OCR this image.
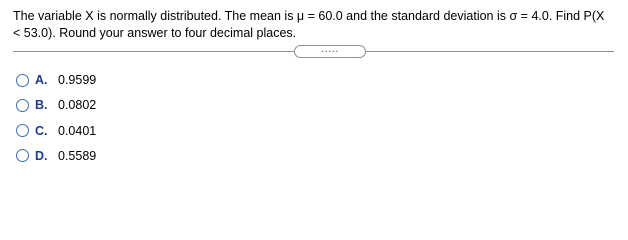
The variable X is normally distributed. The mean is μ = 60.0 and the standard deviation is σ = 4.0. Find P(X < 53.0). Round your answer to four decimal places.
.....
A. 0.9599
B. 0.0802
C. 0.0401
D. 0.5589
